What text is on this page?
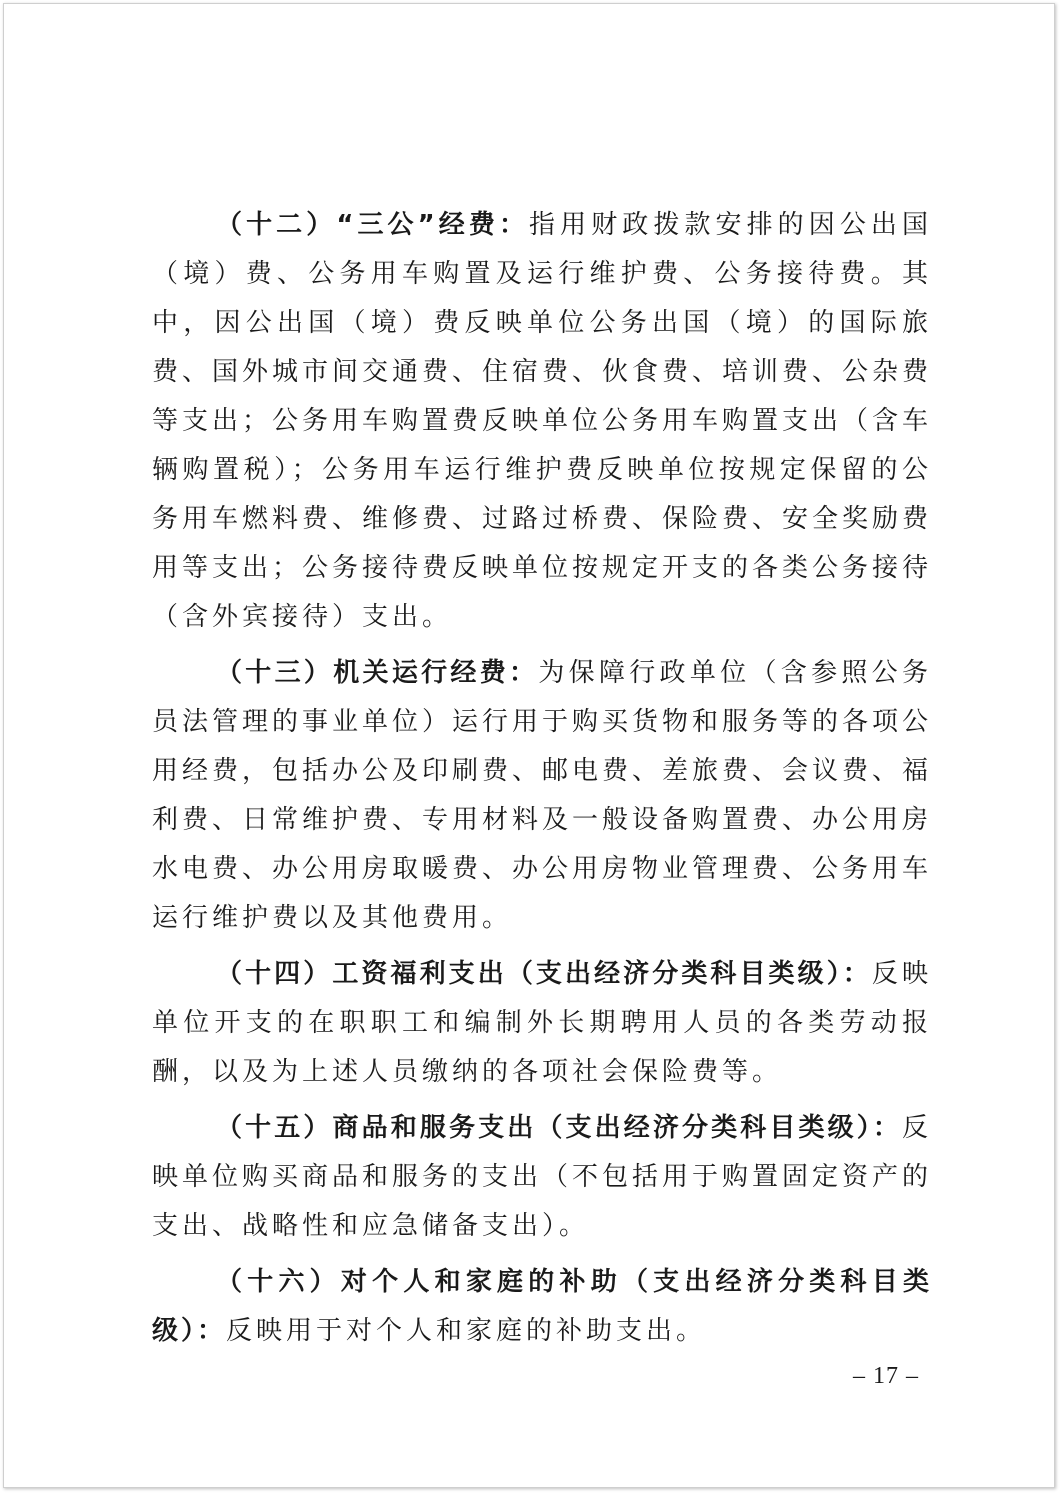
（十二）“三公”经费：指用财政拨款安排的因公出国（境）费、公务用车购置及运行维护费、公务接待费。其中，因公出国（境）费反映单位公务出国（境）的国际旅费、国外城市间交通费、住宿费、伙食费、培训费、公杂费等支出；公务用车购置费反映单位公务用车购置支出（含车辆购置税）；公务用车运行维护费反映单位按规定保留的公务用车燃料费、维修费、过路过桥费、保险费、安全奖励费用等支出；公务接待费反映单位按规定开支的各类公务接待（含外宾接待）支出。

（十三）机关运行经费：为保障行政单位（含参照公务员法管理的事业单位）运行用于购买货物和服务等的各项公用经费，包括办公及印刷费、邮电费、差旅费、会议费、福利费、日常维护费、专用材料及一般设备购置费、办公用房水电费、办公用房取暖费、办公用房物业管理费、公务用车运行维护费以及其他费用。

（十四）工资福利支出（支出经济分类科目类级）：反映单位开支的在职职工和编制外长期聘用人员的各类劳动报酬，以及为上述人员缴纳的各项社会保险费等。

（十五）商品和服务支出（支出经济分类科目类级）：反映单位购买商品和服务的支出（不包括用于购置固定资产的支出、战略性和应急储备支出）。

（十六）对个人和家庭的补助（支出经济分类科目类级）：反映用于对个人和家庭的补助支出。

– 17 –
